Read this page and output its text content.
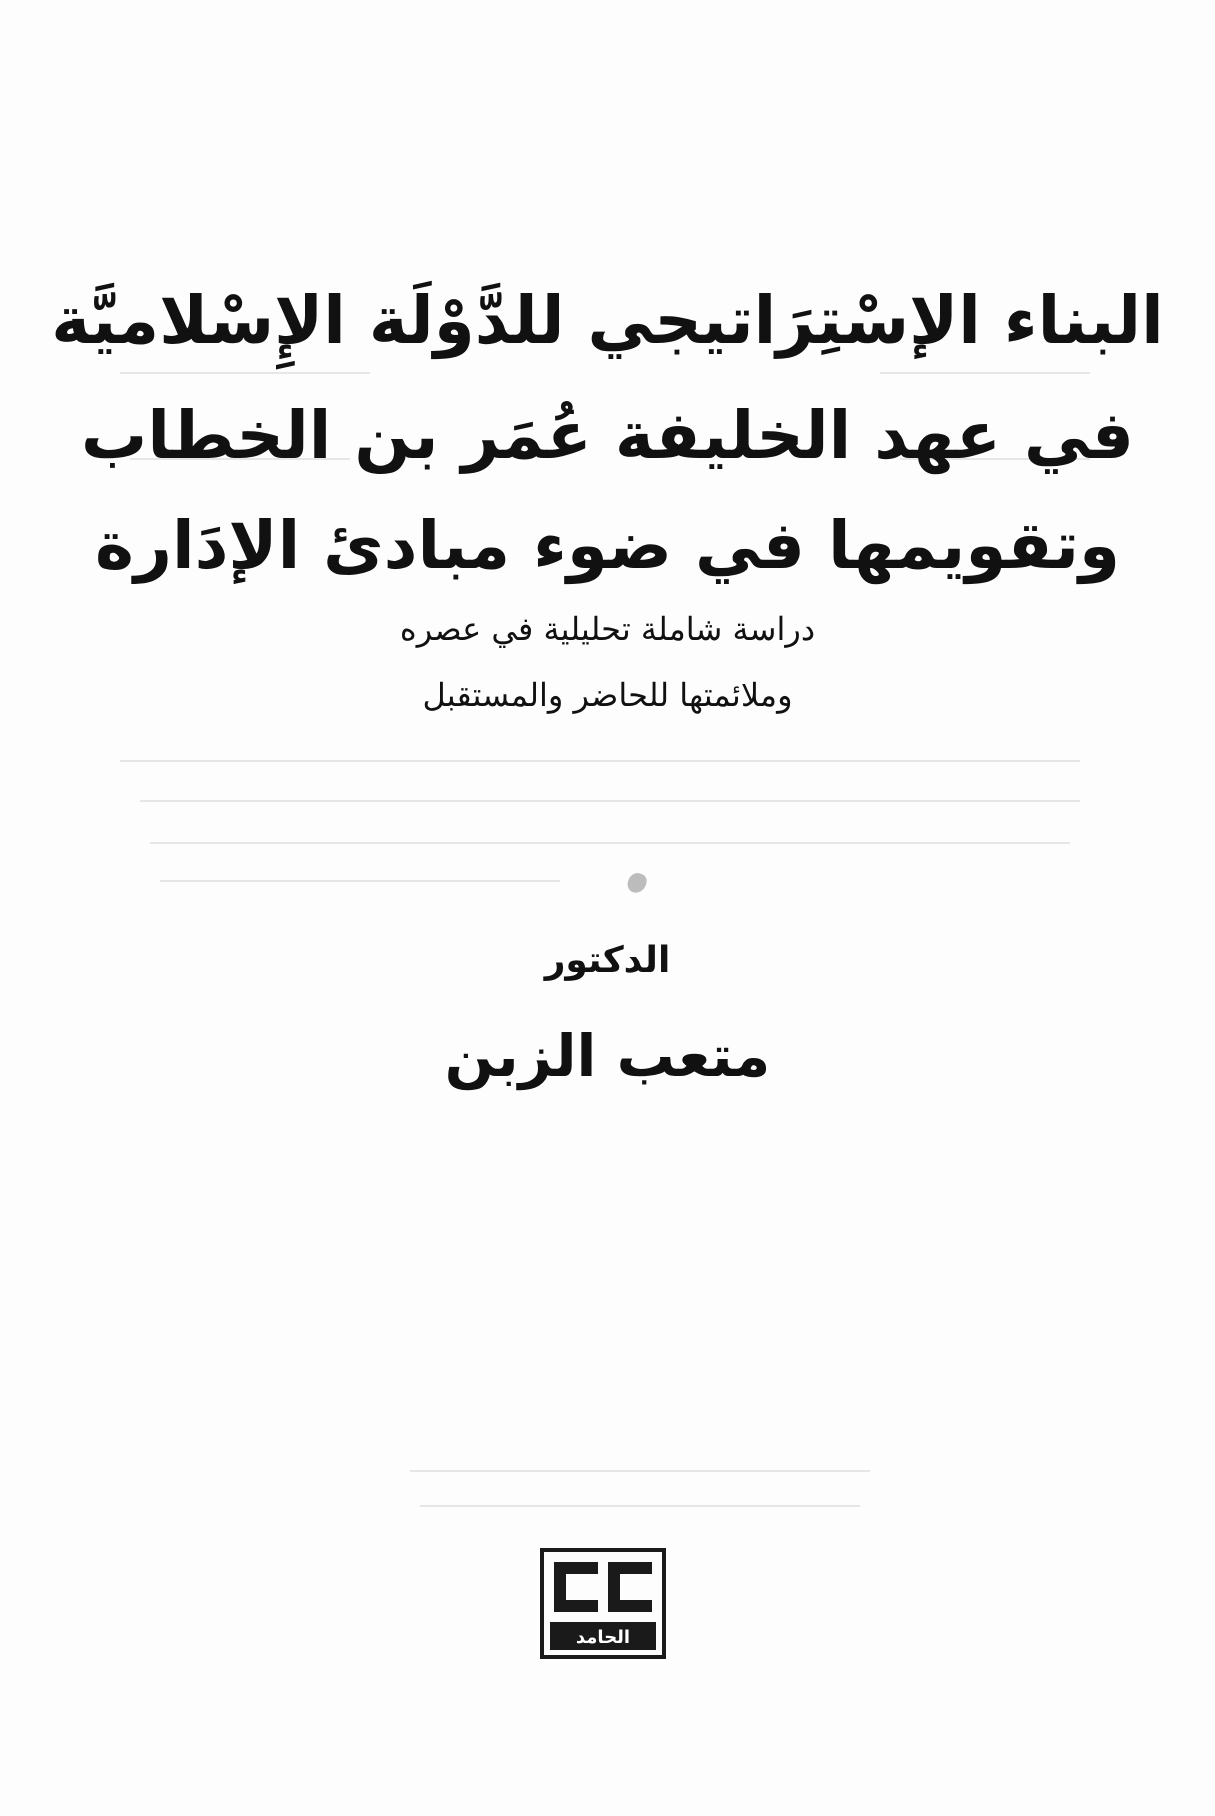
البناء الإسْتِرَاتيجي للدَّوْلَة الإِسْلاميَّة
في عهد الخليفة عُمَر بن الخطاب
وتقويمها في ضوء مبادئ الإدَارة
دراسة شاملة تحليلية في عصره
وملائمتها للحاضر والمستقبل
الدكتور
متعب الزبن
الحامد
